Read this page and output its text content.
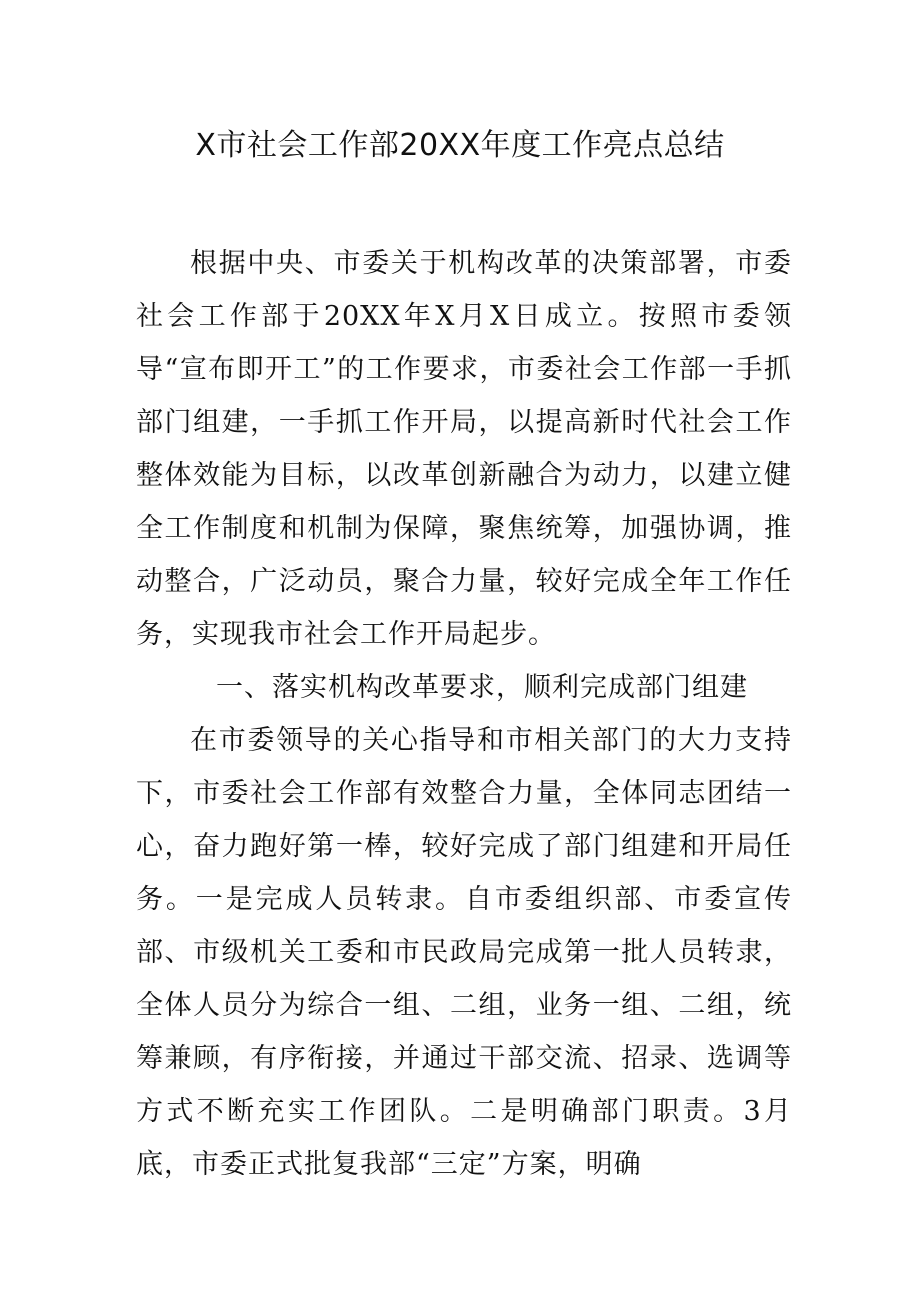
X市社会工作部20XX年度工作亮点总结

根据中央、市委关于机构改革的决策部署，市委社会工作部于20XX年X月X日成立。按照市委领导“宣布即开工”的工作要求，市委社会工作部一手抓部门组建，一手抓工作开局，以提高新时代社会工作整体效能为目标，以改革创新融合为动力，以建立健全工作制度和机制为保障，聚焦统筹，加强协调，推动整合，广泛动员，聚合力量，较好完成全年工作任务，实现我市社会工作开局起步。

一、落实机构改革要求，顺利完成部门组建

在市委领导的关心指导和市相关部门的大力支持下，市委社会工作部有效整合力量，全体同志团结一心，奋力跑好第一棒，较好完成了部门组建和开局任务。一是完成人员转隶。自市委组织部、市委宣传部、市级机关工委和市民政局完成第一批人员转隶，全体人员分为综合一组、二组，业务一组、二组，统筹兼顾，有序衔接，并通过干部交流、招录、选调等方式不断充实工作团队。二是明确部门职责。3月底，市委正式批复我部“三定”方案，明确
